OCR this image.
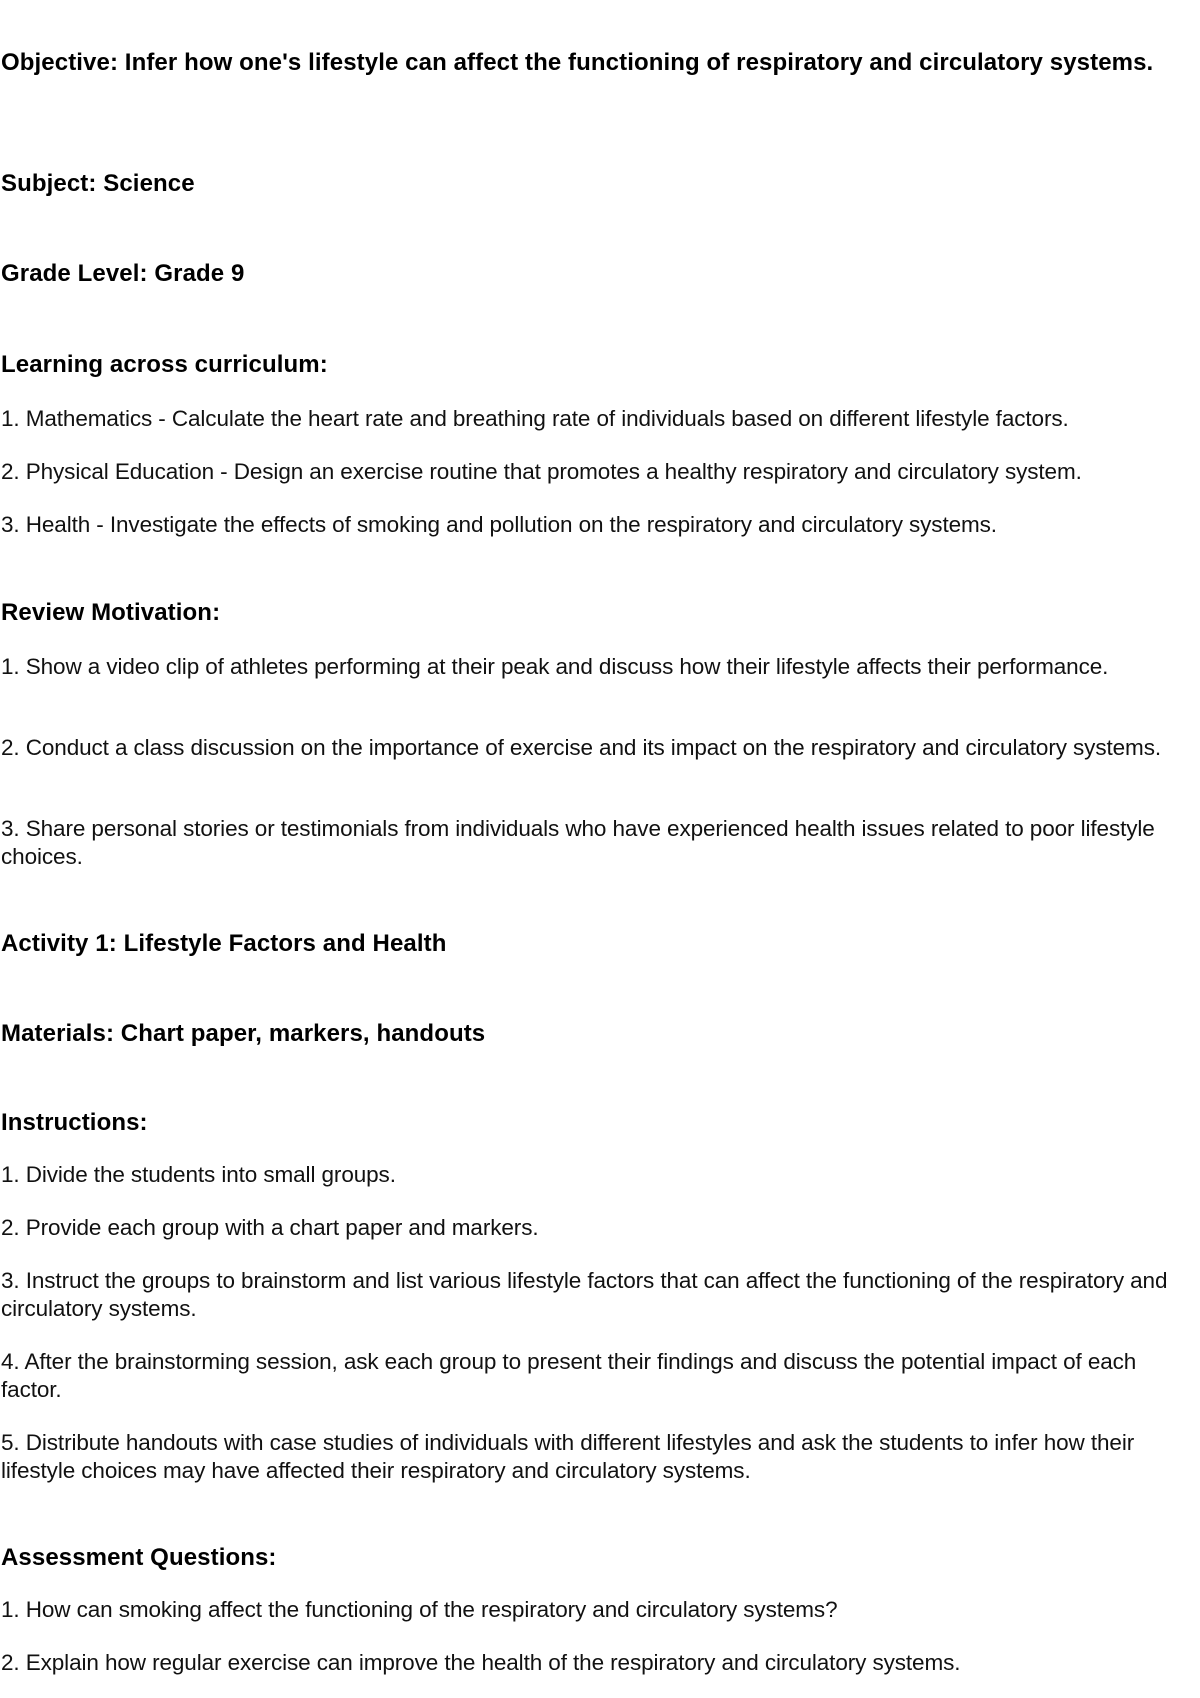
Objective: Infer how one's lifestyle can affect the functioning of respiratory and circulatory systems.

Subject: Science

Grade Level: Grade 9

Learning across curriculum:

1. Mathematics - Calculate the heart rate and breathing rate of individuals based on different lifestyle factors.

2. Physical Education - Design an exercise routine that promotes a healthy respiratory and circulatory system.

3. Health - Investigate the effects of smoking and pollution on the respiratory and circulatory systems.

Review Motivation:

1. Show a video clip of athletes performing at their peak and discuss how their lifestyle affects their performance.

2. Conduct a class discussion on the importance of exercise and its impact on the respiratory and circulatory systems.

3. Share personal stories or testimonials from individuals who have experienced health issues related to poor lifestyle choices.

Activity 1: Lifestyle Factors and Health

Materials: Chart paper, markers, handouts

Instructions:

1. Divide the students into small groups.

2. Provide each group with a chart paper and markers.

3. Instruct the groups to brainstorm and list various lifestyle factors that can affect the functioning of the respiratory and circulatory systems.

4. After the brainstorming session, ask each group to present their findings and discuss the potential impact of each factor.

5. Distribute handouts with case studies of individuals with different lifestyles and ask the students to infer how their lifestyle choices may have affected their respiratory and circulatory systems.

Assessment Questions:

1. How can smoking affect the functioning of the respiratory and circulatory systems?

2. Explain how regular exercise can improve the health of the respiratory and circulatory systems.
